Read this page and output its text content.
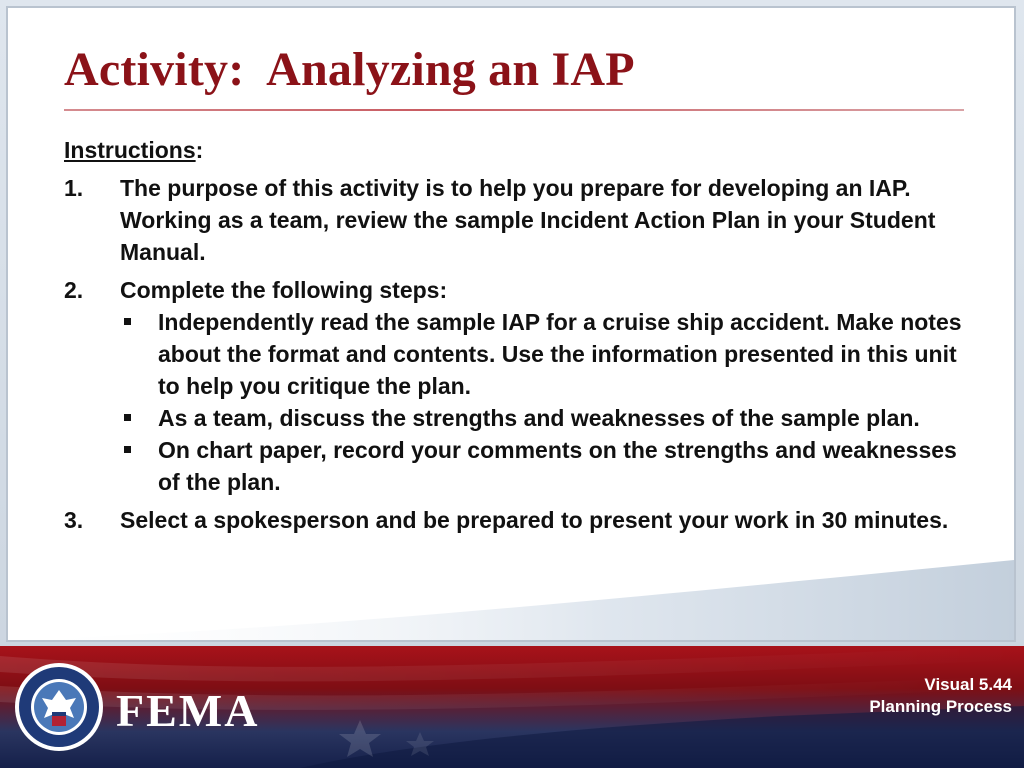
Activity:  Analyzing an IAP

Instructions:

1. The purpose of this activity is to help you prepare for developing an IAP. Working as a team, review the sample Incident Action Plan in your Student Manual.
2. Complete the following steps:
Independently read the sample IAP for a cruise ship accident. Make notes about the format and contents. Use the information presented in this unit to help you critique the plan.
As a team, discuss the strengths and weaknesses of the sample plan.
On chart paper, record your comments on the strengths and weaknesses of the plan.
3. Select a spokesperson and be prepared to present your work in 30 minutes.
FEMA
Visual 5.44
Planning Process
